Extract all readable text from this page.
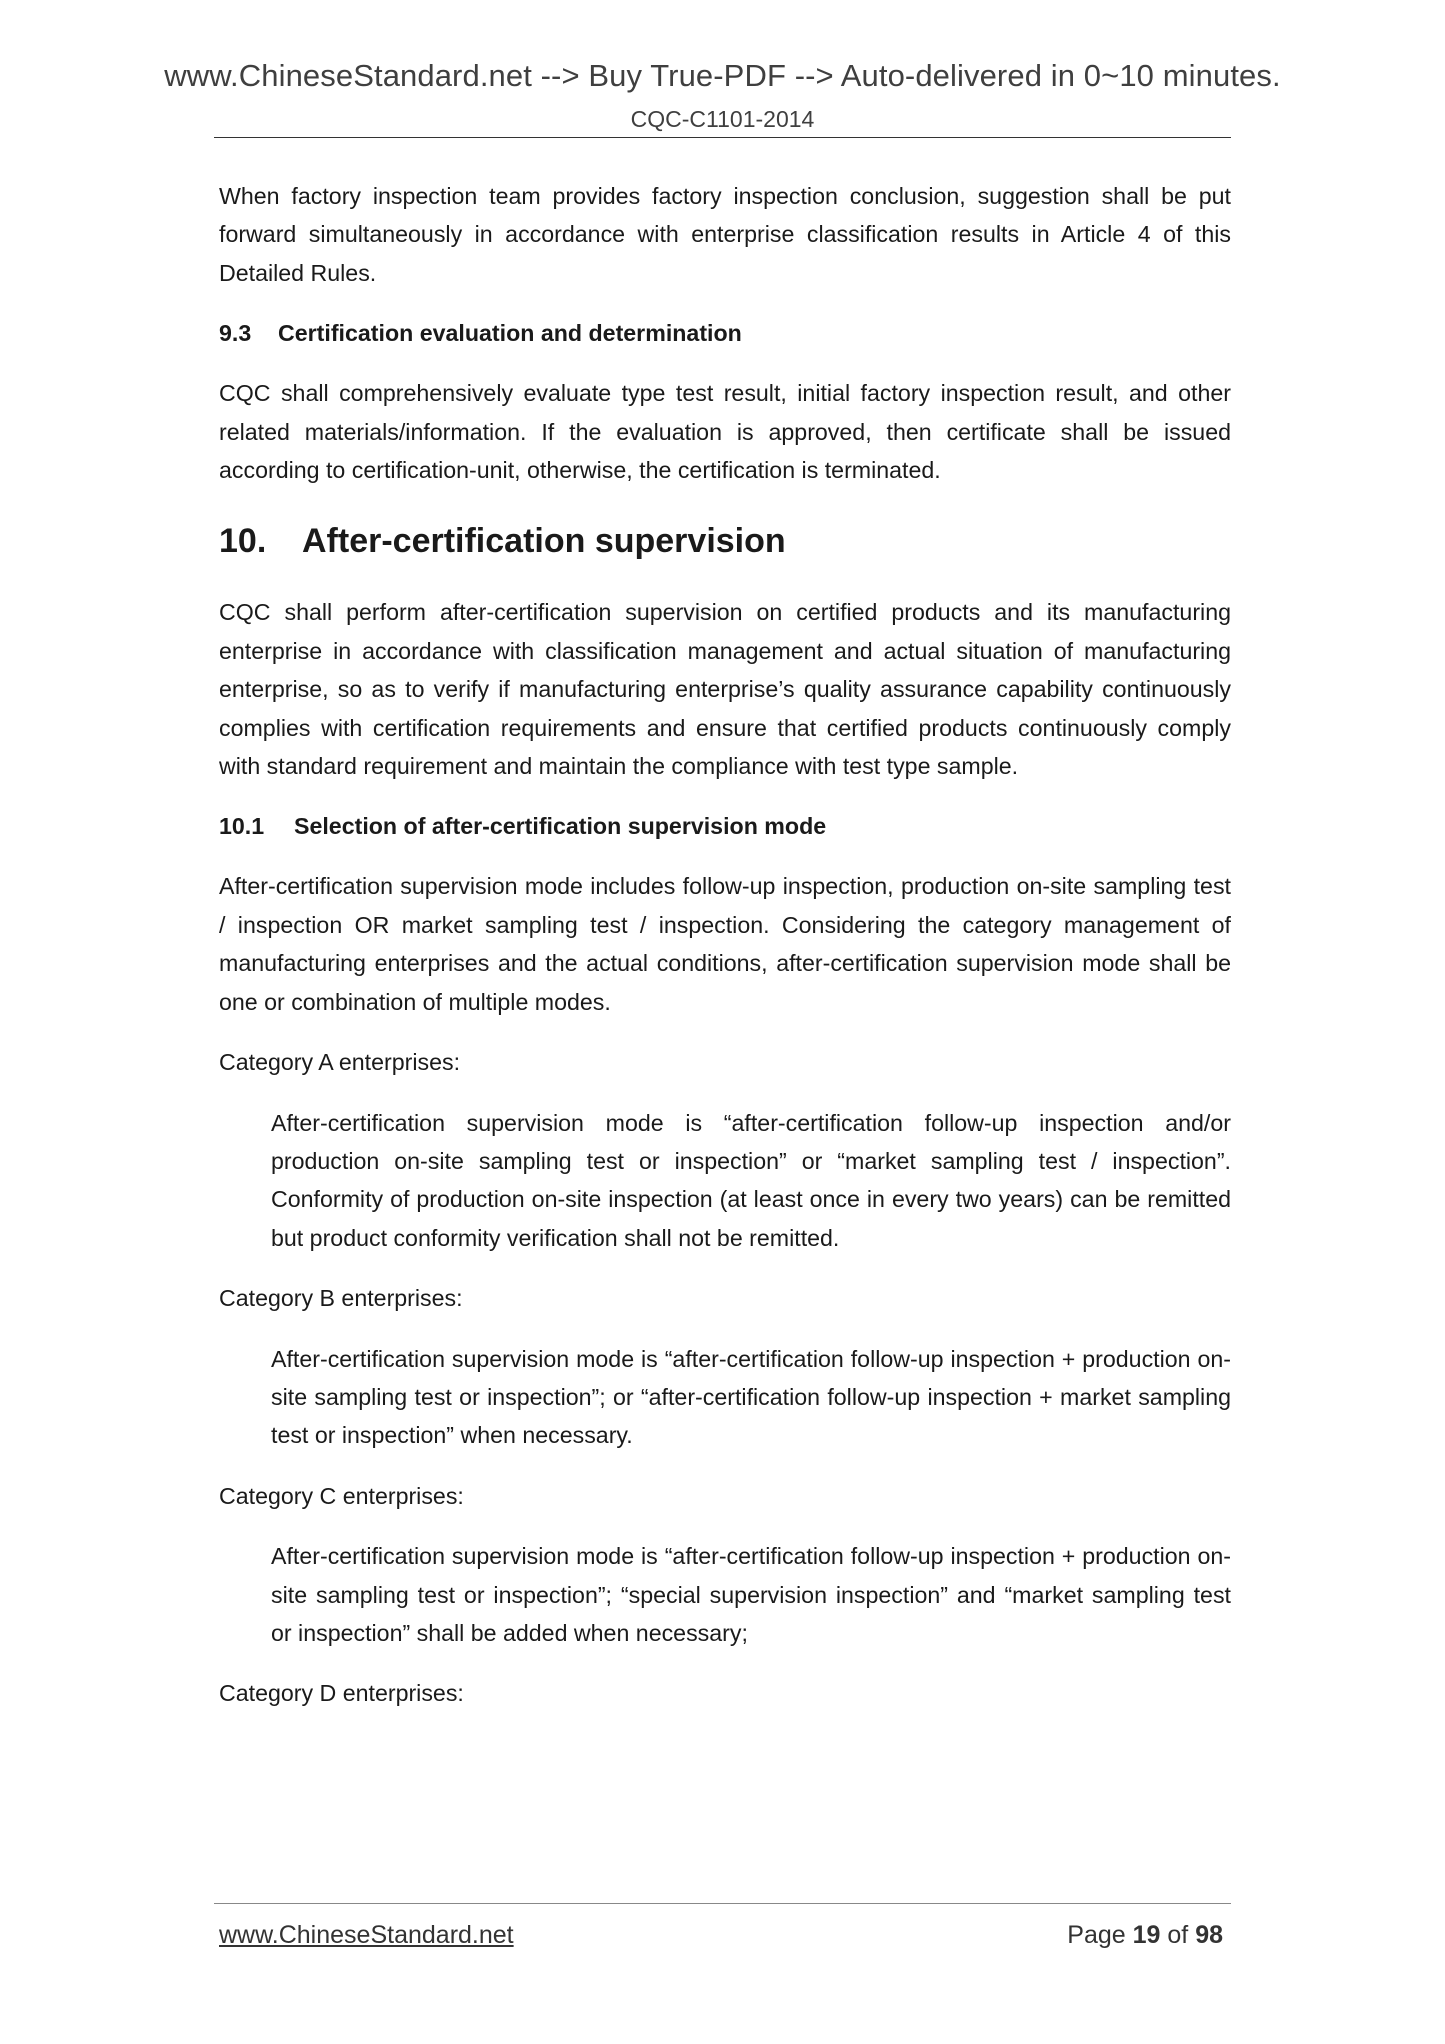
www.ChineseStandard.net --> Buy True-PDF --> Auto-delivered in 0~10 minutes.
CQC-C1101-2014

When factory inspection team provides factory inspection conclusion, suggestion shall be put forward simultaneously in accordance with enterprise classification results in Article 4 of this Detailed Rules.

9.3 Certification evaluation and determination

CQC shall comprehensively evaluate type test result, initial factory inspection result, and other related materials/information. If the evaluation is approved, then certificate shall be issued according to certification-unit, otherwise, the certification is terminated.

10. After-certification supervision

CQC shall perform after-certification supervision on certified products and its manufacturing enterprise in accordance with classification management and actual situation of manufacturing enterprise, so as to verify if manufacturing enterprise’s quality assurance capability continuously complies with certification requirements and ensure that certified products continuously comply with standard requirement and maintain the compliance with test type sample.

10.1 Selection of after-certification supervision mode

After-certification supervision mode includes follow-up inspection, production on-site sampling test / inspection OR market sampling test / inspection. Considering the category management of manufacturing enterprises and the actual conditions, after-certification supervision mode shall be one or combination of multiple modes.

Category A enterprises:

After-certification supervision mode is “after-certification follow-up inspection and/or production on-site sampling test or inspection” or “market sampling test / inspection”. Conformity of production on-site inspection (at least once in every two years) can be remitted but product conformity verification shall not be remitted.

Category B enterprises:

After-certification supervision mode is “after-certification follow-up inspection + production on-site sampling test or inspection”; or “after-certification follow-up inspection + market sampling test or inspection” when necessary.

Category C enterprises:

After-certification supervision mode is “after-certification follow-up inspection + production on-site sampling test or inspection”; “special supervision inspection” and “market sampling test or inspection” shall be added when necessary;

Category D enterprises:

www.ChineseStandard.net	Page 19 of 98
